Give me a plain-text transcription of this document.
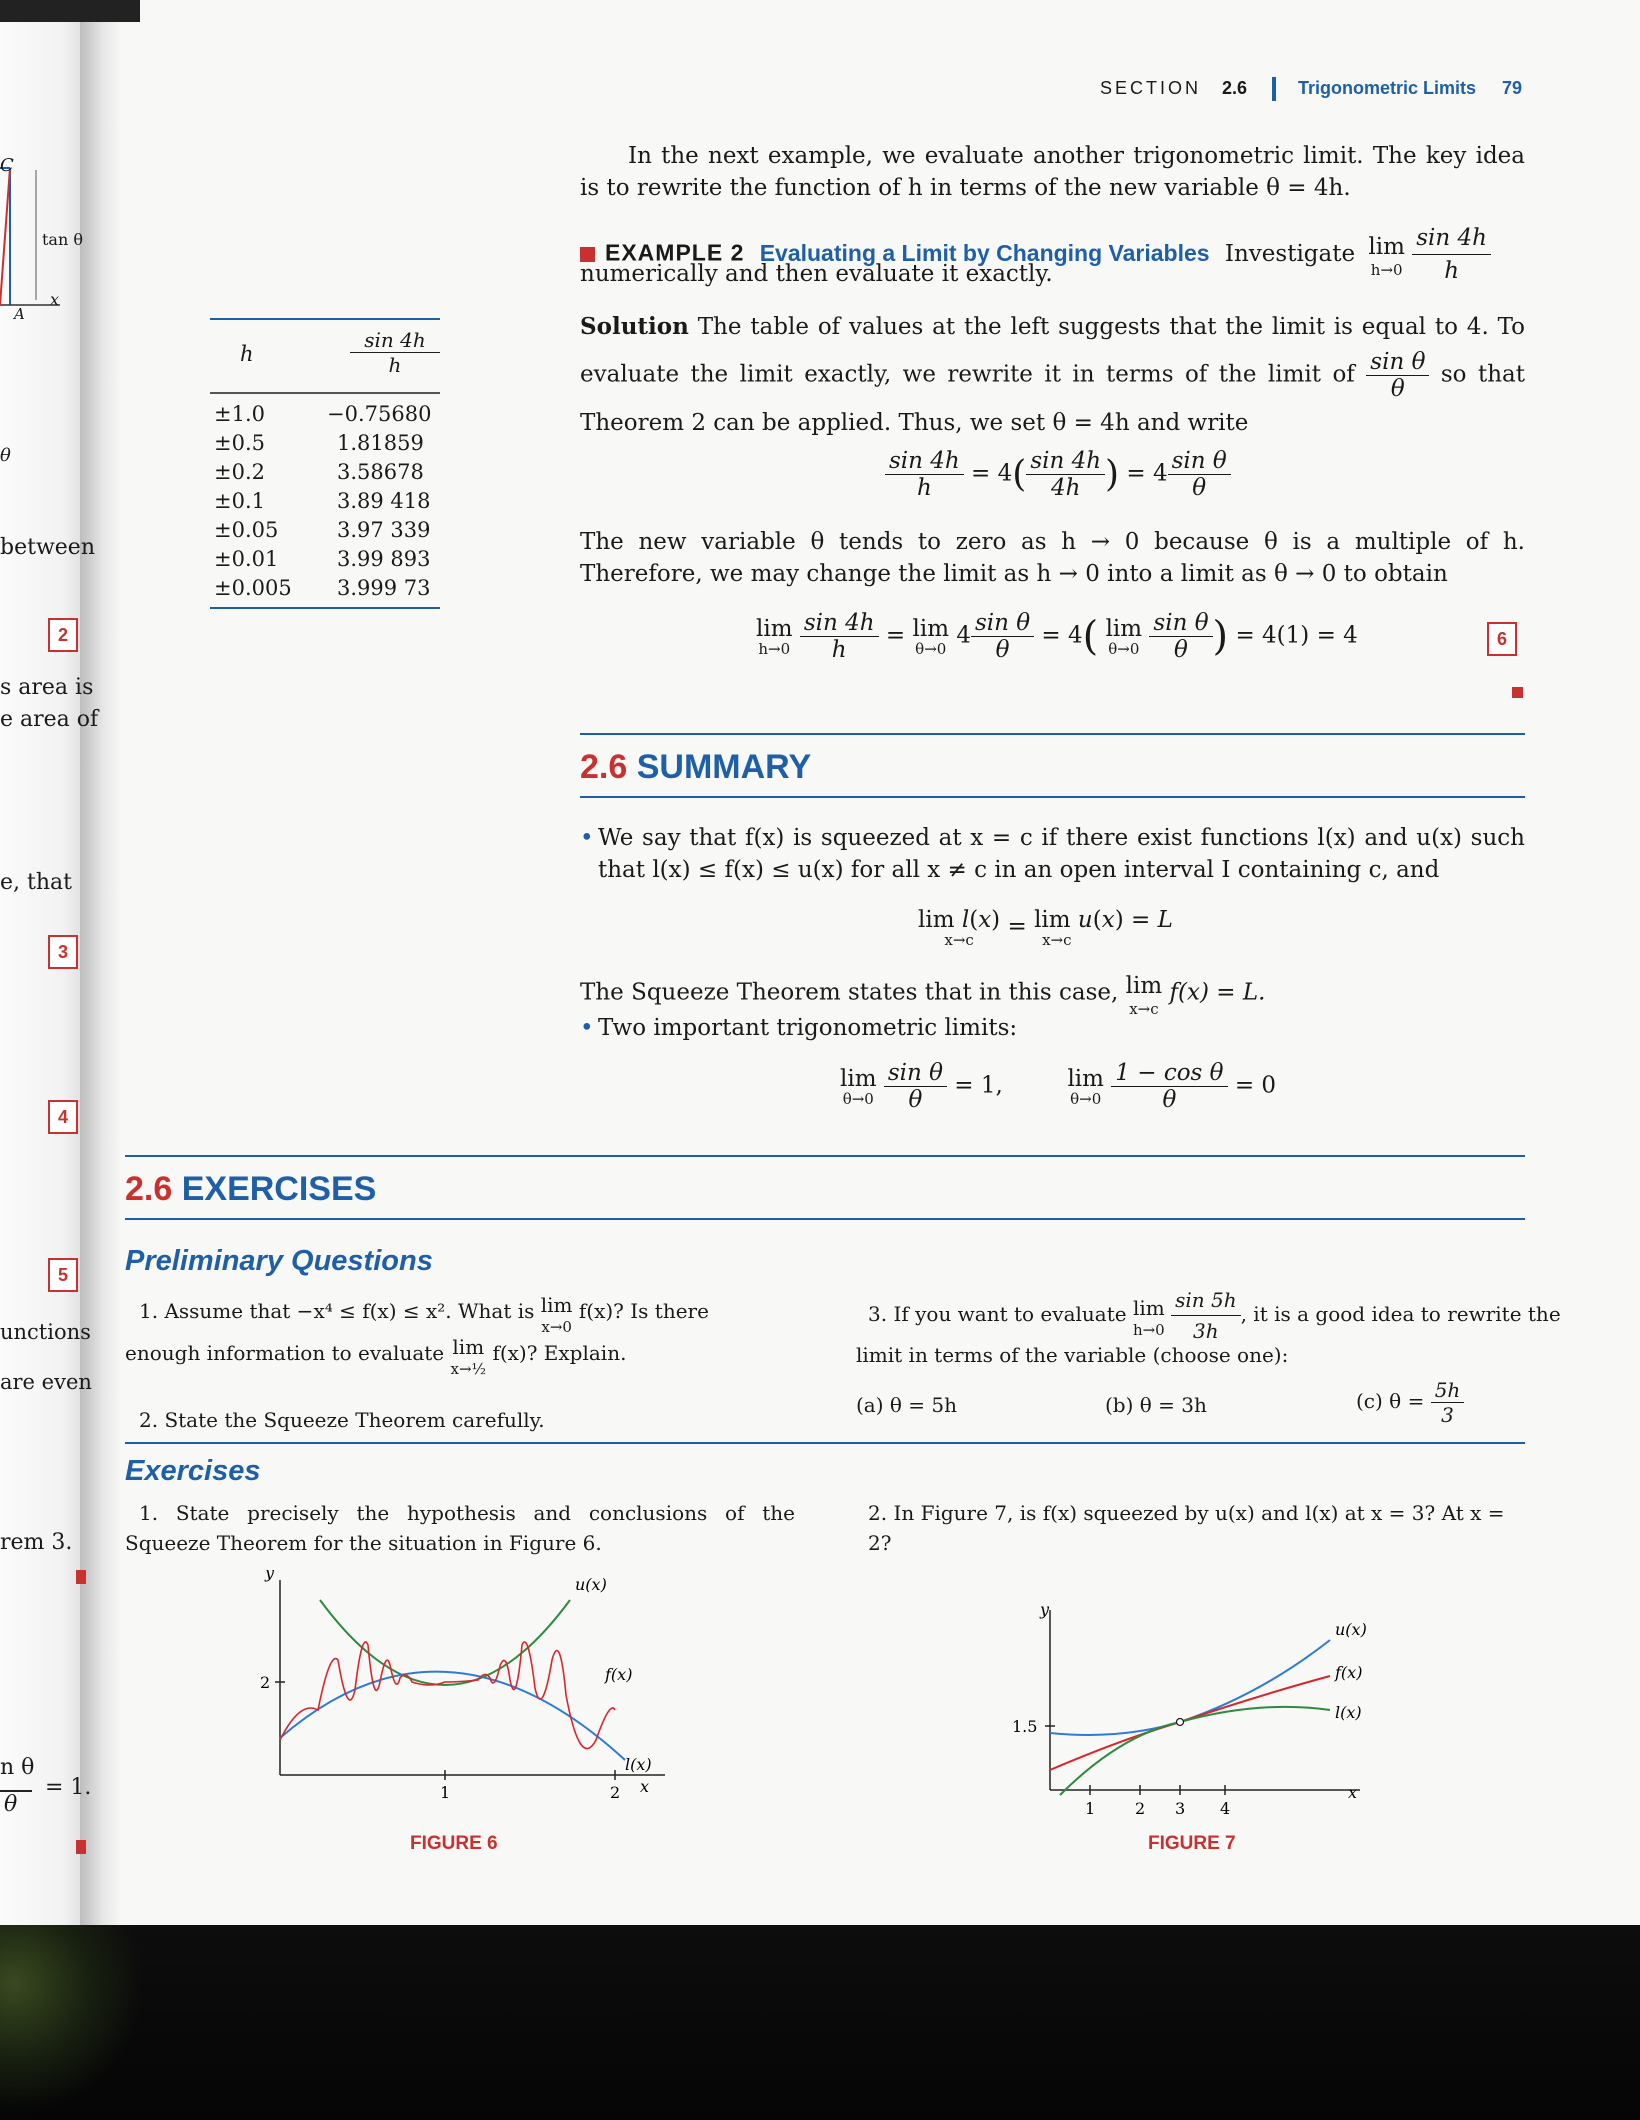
C
tan θ
A
x
θ
between
s area is
e area of
e, that
unctions
are even
rem 3.
n θ
θ
= 1.
2
3
4
5
SECTION 2.6	Trigonometric Limits 79
In the next example, we evaluate another trigonometric limit. The key idea is to rewrite the function of h in terms of the new variable θ = 4h.
EXAMPLE 2 Evaluating a Limit by Changing Variables Investigate lim
h→0
$\frac{\sin 4h}{h}$
numerically and then evaluate it exactly.
h	$\frac{\sin 4h}{h}$
±1.0	−0.75680
±0.5	1.81859
±0.2	3.58678
±0.1	3.89 418
±0.05	3.97 339
±0.01	3.99 893
±0.005	3.999 73
Solution The table of values at the left suggests that the limit is equal to 4. To evaluate the limit exactly, we rewrite it in terms of the limit of $\frac{\text{sin θ}}{\theta}$ so that Theorem 2 can be applied. Thus, we set θ = 4h and write
$\frac{\sin 4h}{h} = 4( \frac{\sin 4h}{4h}$ ) = $4 \frac{\text{sin θ}}{\theta}$
The new variable θ tends to zero as h → 0 because θ is a multiple of h. Therefore, we may change the limit as h → 0 into a limit as θ → 0 to obtain
lim
h→0
$\frac{\sin 4h}{h} = \lim$
θ→0
$4 \frac{\text{sin θ}}{\theta} = 4$( lim
θ→0
$\frac{\text{sin θ}}{\theta}$ ) = 4(1) = 4	6
2.6 SUMMARY
• We say that f(x) is squeezed at x = c if there exist functions l(x) and u(x) such that l(x) ≤ f(x) ≤ u(x) for all x ≠ c in an open interval I containing c, and
lim l(x)
x→c
= lim u(x) = L
x→c
The Squeeze Theorem states that in this case, lim
x→c
f(x) = L.
• Two important trigonometric limits:
lim
θ→0
$\frac{\text{sin θ}}{\theta} = 1$,	lim
θ→0
$\frac{\text{1 − cos θ}}{\theta} = 0$
2.6 EXERCISES
Preliminary Questions
1. Assume that −x⁴ ≤ f(x) ≤ x². What is lim
x→0
f(x)? Is there
enough information to evaluate lim
x→½
f(x)? Explain.
2. State the Squeeze Theorem carefully.
3. If you want to evaluate lim
h→0
$\frac{\sin 5h}{3h}$ , it is a good idea to rewrite the
limit in terms of the variable (choose one):
(a) θ = 5h	(b) θ = 3h	(c) $\theta = \frac{5h}{3}$
Exercises
1. State precisely the hypothesis and conclusions of the Squeeze Theorem for the situation in Figure 6.
2. In Figure 7, is f(x) squeezed by u(x) and l(x) at x = 3? At x = 2?
y
2
1	2 x
u(x)
f(x)
l(x)
FIGURE 6
y
1.5
1 2 3 4
x
u(x)
f(x)
l(x)
FIGURE 7
